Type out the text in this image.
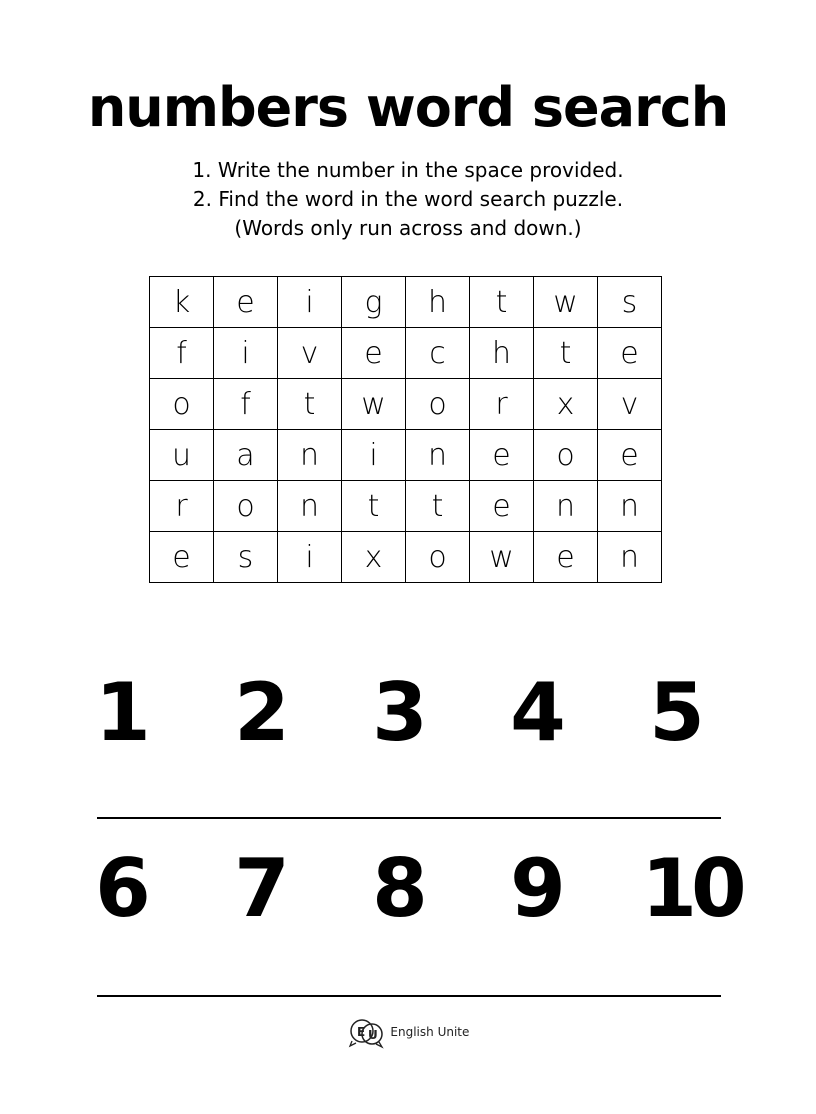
numbers word search
1. Write the number in the space provided.
2. Find the word in the word search puzzle.
(Words only run across and down.)
k	e	i	g	h	t	w	s
f	i	v	e	c	h	t	e
o	f	t	w	o	r	x	v
u	a	n	i	n	e	o	e
r	o	n	t	t	e	n	n
e	s	i	x	o	w	e	n
1	2	3	4	5
6	7	8	9 10
E U English Unite
